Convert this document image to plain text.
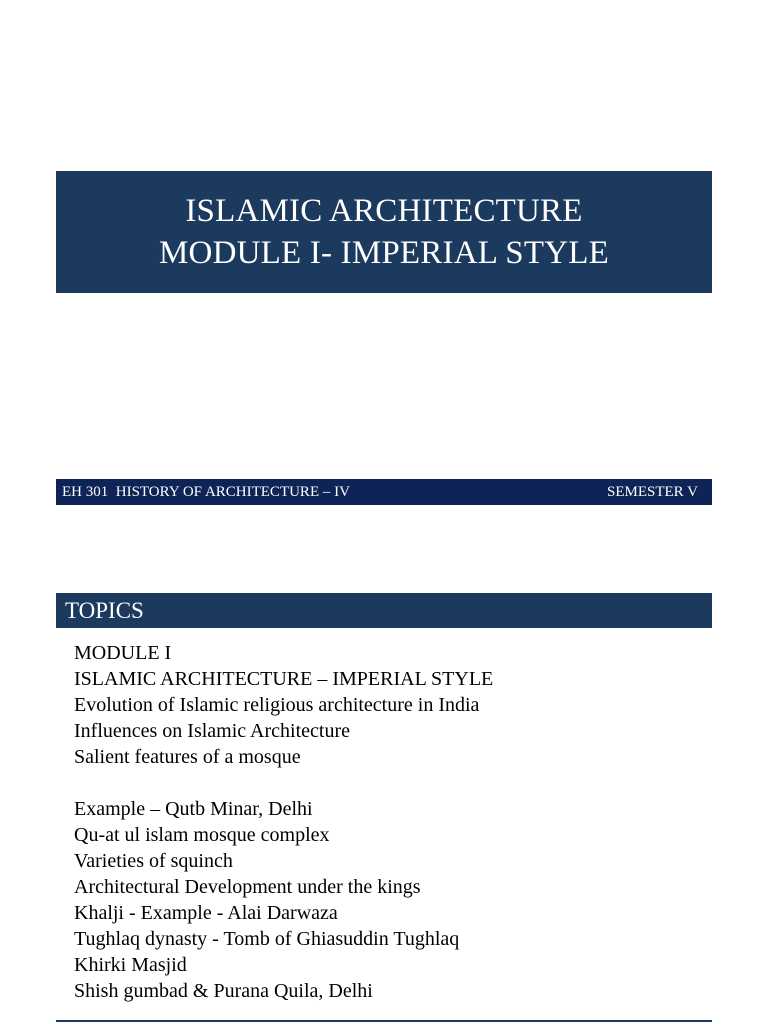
ISLAMIC ARCHITECTURE
MODULE I- IMPERIAL STYLE
EH 301  HISTORY OF ARCHITECTURE – IV	SEMESTER V
TOPICS
MODULE I
ISLAMIC ARCHITECTURE – IMPERIAL STYLE
Evolution of Islamic religious architecture in India
Influences on Islamic Architecture
Salient features of a mosque
Example – Qutb Minar, Delhi
Qu-at ul islam mosque complex
Varieties of squinch
Architectural Development under the kings
Khalji - Example - Alai Darwaza
Tughlaq dynasty - Tomb of Ghiasuddin Tughlaq
Khirki Masjid
Shish gumbad & Purana Quila, Delhi
